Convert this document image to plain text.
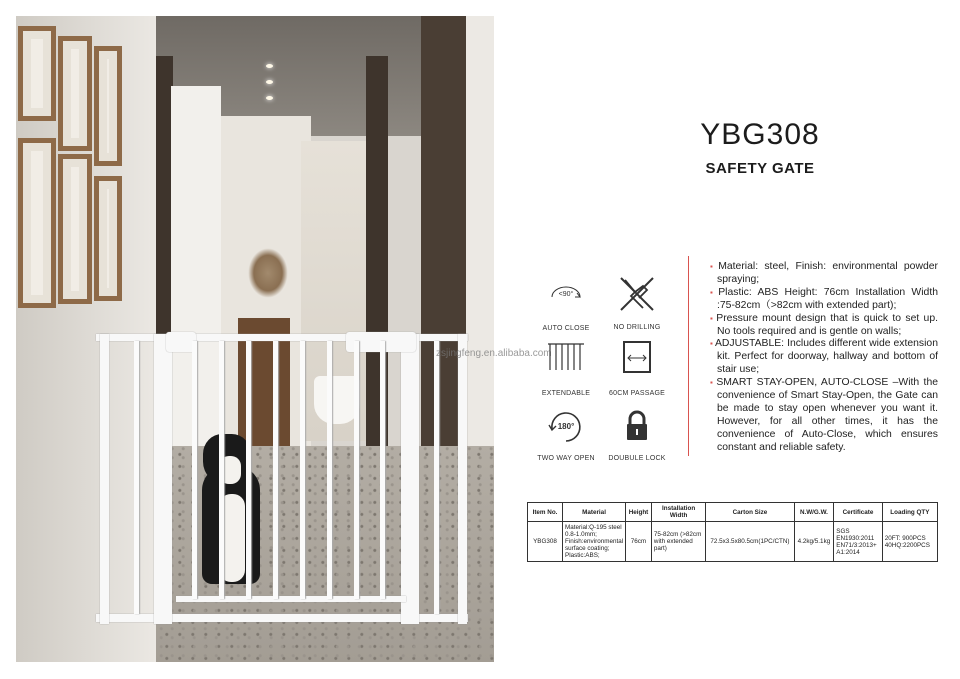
zsjingfeng.en.alibaba.com
YBG308
SAFETY GATE
<90°
AUTO CLOSE	NO DRILLING
EXTENDABLE	60CM PASSAGE
180°
TWO WAY OPEN	DOUBULE LOCK

▪ Material: steel, Finish: environmental powder spraying;

▪ Plastic: ABS Height: 76cm Installation Width :75-82cm（>82cm with extended part);

▪ Pressure mount design that is quick to set up. No tools required and is gentle on walls;

▪ ADJUSTABLE: Includes different wide extension kit. Perfect for doorway, hallway and bottom of stair use;

▪ SMART STAY-OPEN, AUTO-CLOSE –With the convenience of Smart Stay-Open, the Gate can be made to stay open whenever you want it. However, for all other times, it has the convenience of Auto-Close, which ensures constant and reliable safety.

Item No.	Material	Height	Installation Width	Carton Size	N.W/G.W.	Certificate	Loading QTY
YBG308	Material:Q-195 steel 0.8-1.0mm; Finish:environmental surface coating; Plastic:ABS;	76cm	75-82cm (>82cm with extended part)	72.5x3.5x80.5cm(1PC/CTN)	4.2kg/5.1kg	SGS EN1930:2011 EN71/3:2013+ A1:2014	20FT: 900PCS 40HQ:2200PCS
